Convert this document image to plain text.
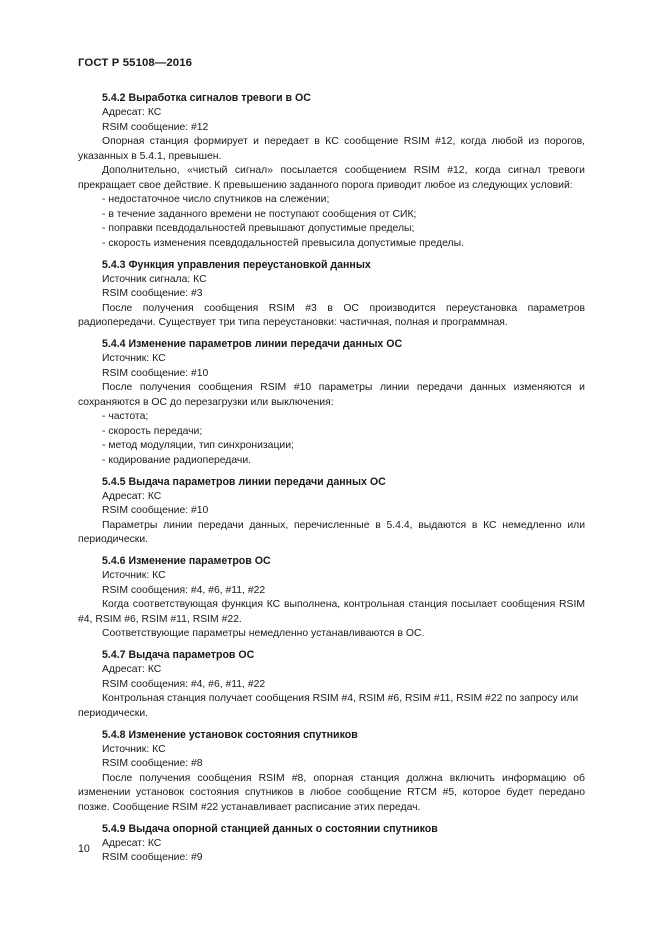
ГОСТ Р 55108—2016
5.4.2 Выработка сигналов тревоги в ОС
Адресат: КС
RSIM сообщение: #12

Опорная станция формирует и передает в КС сообщение RSIM #12, когда любой из порогов, указанных в 5.4.1, превышен.

Дополнительно, «чистый сигнал» посылается сообщением RSIM #12, когда сигнал тревоги прекращает свое действие. К превышению заданного порога приводит любое из следующих условий:

- недостаточное число спутников на слежении;
- в течение заданного времени не поступают сообщения от СИК;
- поправки псевдодальностей превышают допустимые пределы;
- скорость изменения псевдодальностей превысила допустимые пределы.
5.4.3 Функция управления переустановкой данных
Источник сигнала: КС
RSIM сообщение: #3

После получения сообщения RSIM #3 в ОС производится переустановка параметров радиопередачи. Существует три типа переустановки: частичная, полная и программная.

5.4.4 Изменение параметров линии передачи данных ОС
Источник: КС
RSIM сообщение: #10

После получения сообщения RSIM #10 параметры линии передачи данных изменяются и сохраняются в ОС до перезагрузки или выключения:

- частота;
- скорость передачи;
- метод модуляции, тип синхронизации;
- кодирование радиопередачи.
5.4.5 Выдача параметров линии передачи данных ОС
Адресат: КС
RSIM сообщение: #10

Параметры линии передачи данных, перечисленные в 5.4.4, выдаются в КС немедленно или периодически.

5.4.6 Изменение параметров ОС
Источник: КС
RSIM сообщения: #4, #6, #11, #22

Когда соответствующая функция КС выполнена, контрольная станция посылает сообщения RSIM #4, RSIM #6, RSIM #11, RSIM #22.

Соответствующие параметры немедленно устанавливаются в ОС.

5.4.7 Выдача параметров ОС
Адресат: КС
RSIM сообщения: #4, #6, #11, #22

Контрольная станция получает сообщения RSIM #4, RSIM #6, RSIM #11, RSIM #22 по запросу или периодически.

5.4.8 Изменение установок состояния спутников
Источник: КС
RSIM сообщение: #8

После получения сообщения RSIM #8, опорная станция должна включить информацию об изменении установок состояния спутников в любое сообщение RTCM #5, которое будет передано позже. Сообщение RSIM #22 устанавливает расписание этих передач.

5.4.9 Выдача опорной станцией данных о состоянии спутников
Адресат: КС
RSIM сообщение: #9
10
